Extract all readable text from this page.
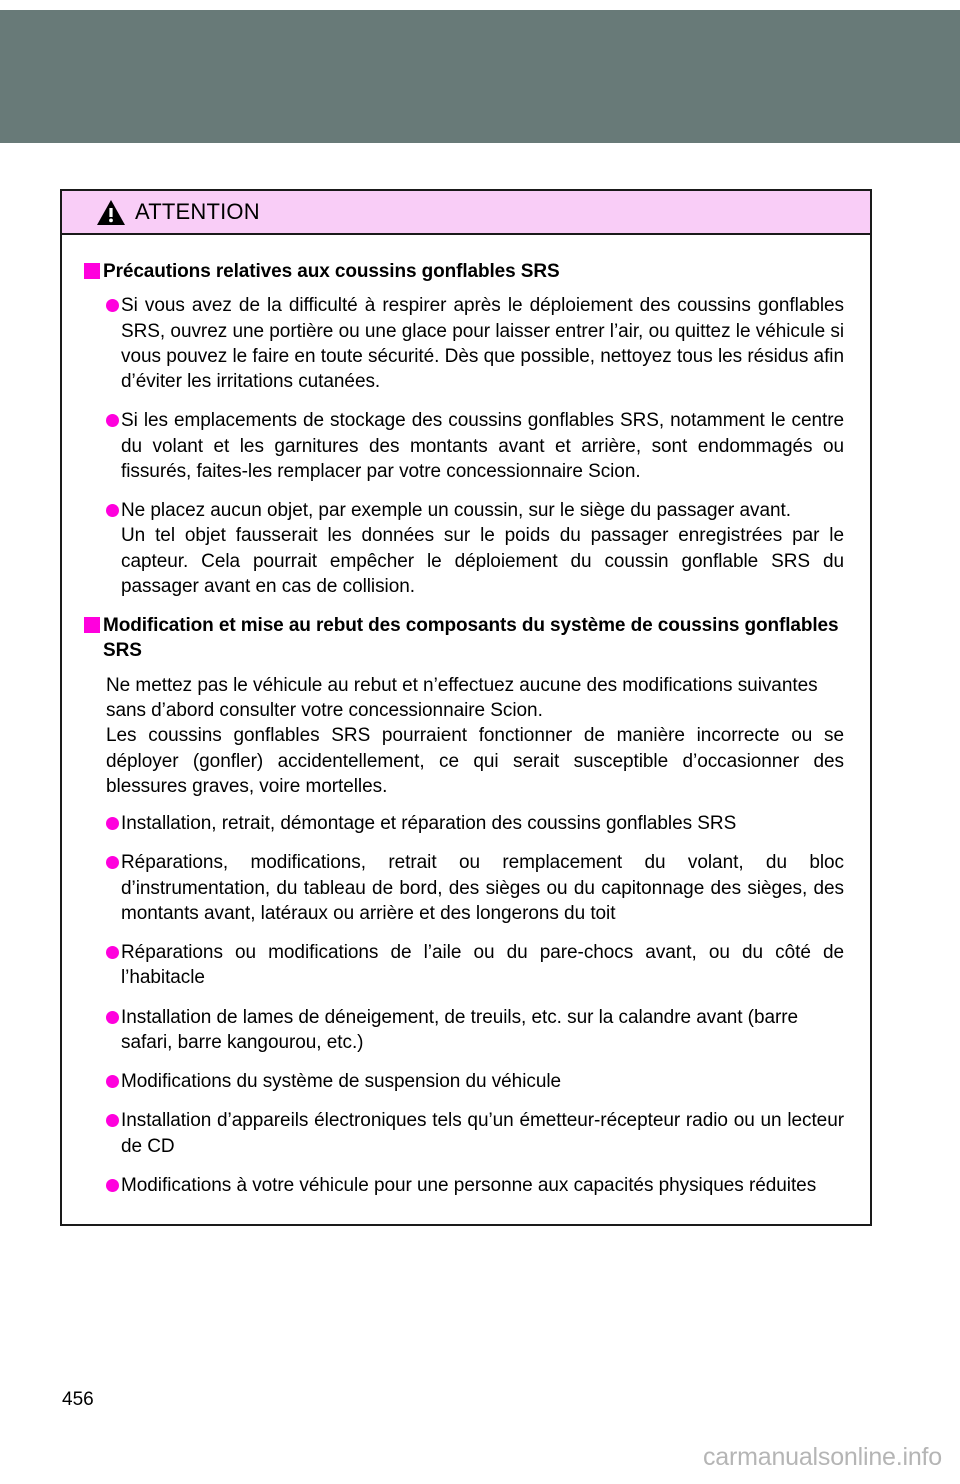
ATTENTION
Précautions relatives aux coussins gonflables SRS
Si vous avez de la difficulté à respirer après le déploiement des coussins gonflables SRS, ouvrez une portière ou une glace pour laisser entrer l’air, ou quittez le véhicule si vous pouvez le faire en toute sécurité. Dès que possible, nettoyez tous les résidus afin d’éviter les irritations cutanées.
Si les emplacements de stockage des coussins gonflables SRS, notamment le centre du volant et les garnitures des montants avant et arrière, sont endommagés ou fissurés, faites-les remplacer par votre concessionnaire Scion.

Ne placez aucun objet, par exemple un coussin, sur le siège du passager avant.

Un tel objet fausserait les données sur le poids du passager enregistrées par le capteur. Cela pourrait empêcher le déploiement du coussin gonflable SRS du passager avant en cas de collision.

Modification et mise au rebut des composants du système de coussins gonflables SRS

Ne mettez pas le véhicule au rebut et n’effectuez aucune des modifications suivantes sans d’abord consulter votre concessionnaire Scion.

Les coussins gonflables SRS pourraient fonctionner de manière incorrecte ou se déployer (gonfler) accidentellement, ce qui serait susceptible d’occasionner des blessures graves, voire mortelles.

Installation, retrait, démontage et réparation des coussins gonflables SRS
Réparations, modifications, retrait ou remplacement du volant, du bloc d’instrumentation, du tableau de bord, des sièges ou du capitonnage des sièges, des montants avant, latéraux ou arrière et des longerons du toit
Réparations ou modifications de l’aile ou du pare-chocs avant, ou du côté de l’habitacle
Installation de lames de déneigement, de treuils, etc. sur la calandre avant (barre safari, barre kangourou, etc.)
Modifications du système de suspension du véhicule
Installation d’appareils électroniques tels qu’un émetteur-récepteur radio ou un lecteur de CD
Modifications à votre véhicule pour une personne aux capacités physiques réduites
456
carmanualsonline.info
